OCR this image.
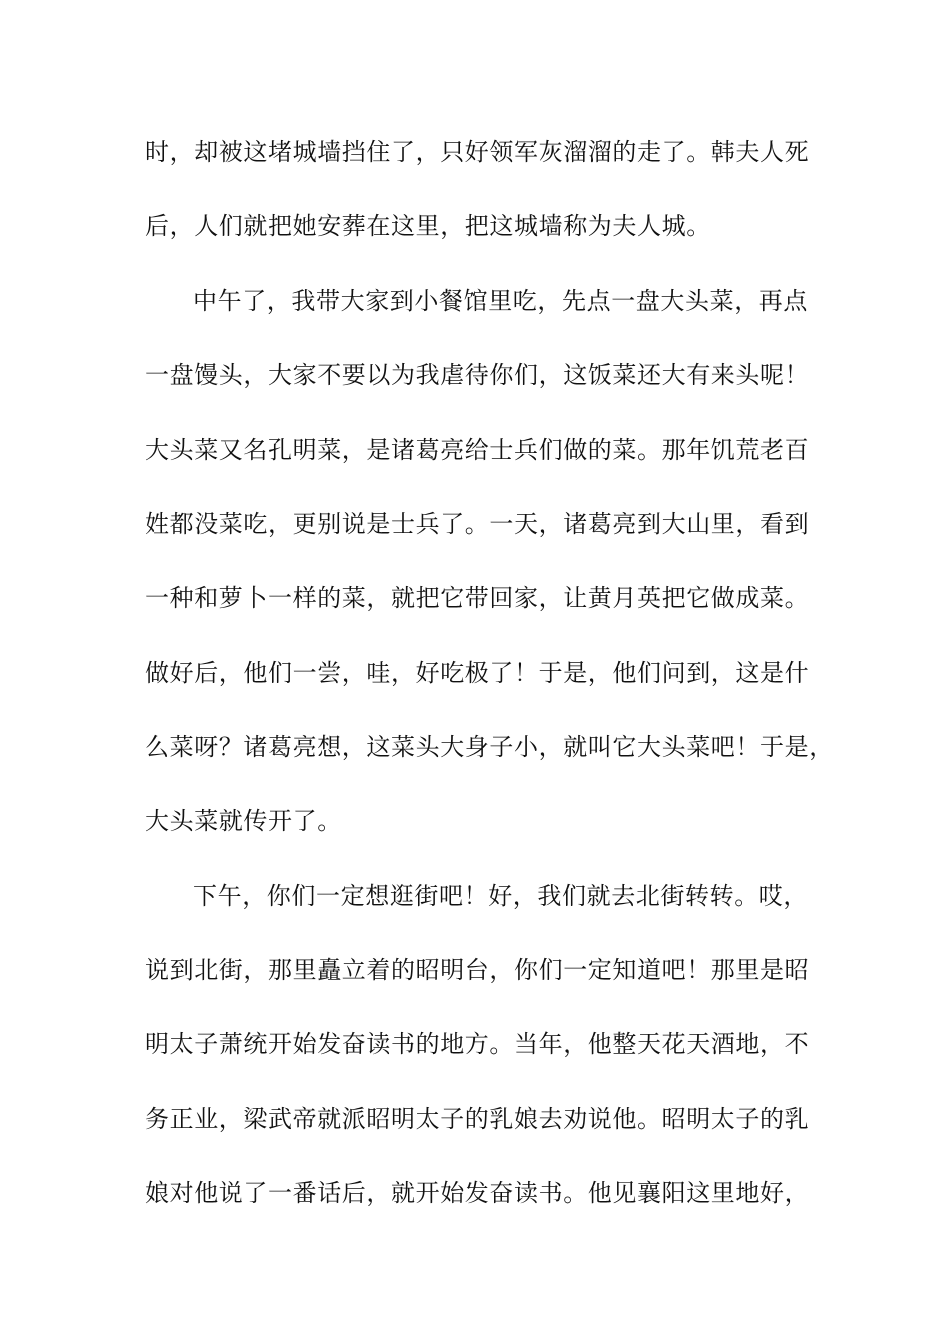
时，却被这堵城墙挡住了，只好领军灰溜溜的走了。韩夫人死
后，人们就把她安葬在这里，把这城墙称为夫人城。
中午了，我带大家到小餐馆里吃，先点一盘大头菜，再点
一盘馒头，大家不要以为我虐待你们，这饭菜还大有来头呢！
大头菜又名孔明菜，是诸葛亮给士兵们做的菜。那年饥荒老百
姓都没菜吃，更别说是士兵了。一天，诸葛亮到大山里，看到
一种和萝卜一样的菜，就把它带回家，让黄月英把它做成菜。
做好后，他们一尝，哇，好吃极了！于是，他们问到，这是什
么菜呀？诸葛亮想，这菜头大身子小，就叫它大头菜吧！于是，
大头菜就传开了。
下午，你们一定想逛街吧！好，我们就去北街转转。哎，
说到北街，那里矗立着的昭明台，你们一定知道吧！那里是昭
明太子萧统开始发奋读书的地方。当年，他整天花天酒地，不
务正业，梁武帝就派昭明太子的乳娘去劝说他。昭明太子的乳
娘对他说了一番话后，就开始发奋读书。他见襄阳这里地好，
